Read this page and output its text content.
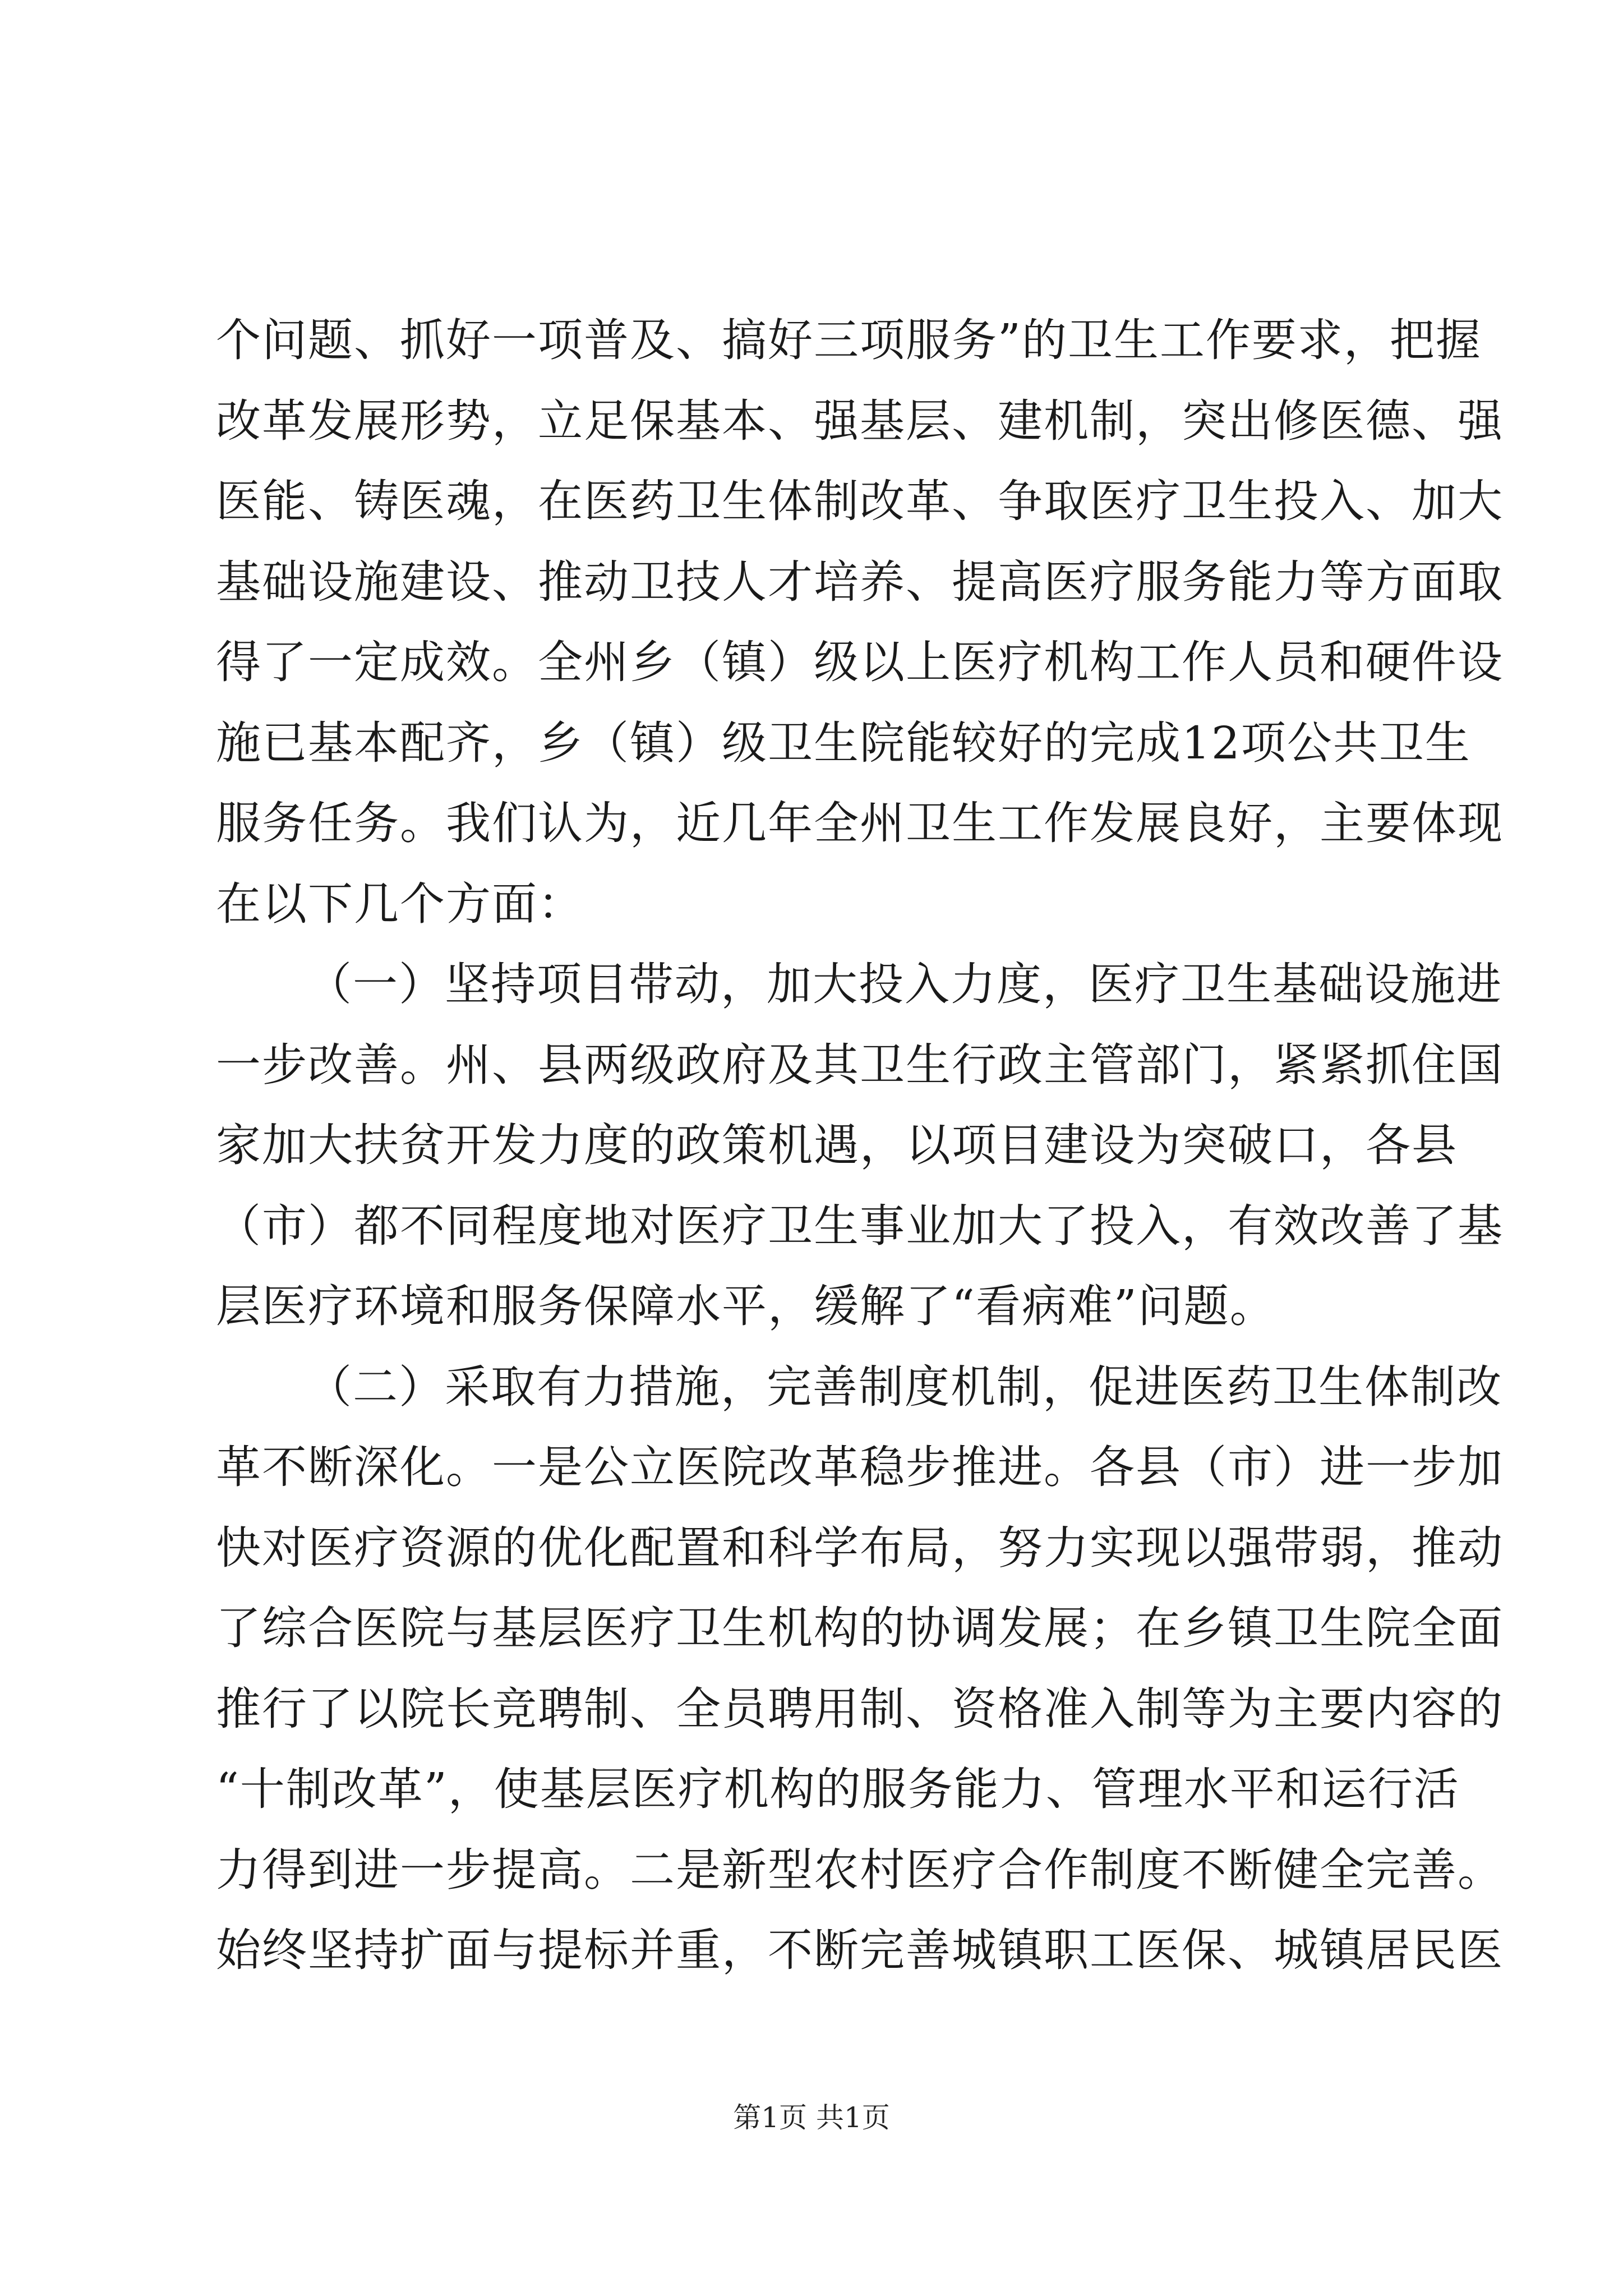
个问题、抓好一项普及、搞好三项服务”的卫生工作要求，把握
改革发展形势，立足保基本、强基层、建机制，突出修医德、强
医能、铸医魂，在医药卫生体制改革、争取医疗卫生投入、加大
基础设施建设、推动卫技人才培养、提高医疗服务能力等方面取
得了一定成效。全州乡（镇）级以上医疗机构工作人员和硬件设
施已基本配齐，乡（镇）级卫生院能较好的完成12项公共卫生
服务任务。我们认为，近几年全州卫生工作发展良好，主要体现
在以下几个方面：
（一）坚持项目带动，加大投入力度，医疗卫生基础设施进
一步改善。州、县两级政府及其卫生行政主管部门，紧紧抓住国
家加大扶贫开发力度的政策机遇，以项目建设为突破口，各县
（市）都不同程度地对医疗卫生事业加大了投入，有效改善了基
层医疗环境和服务保障水平，缓解了“看病难”问题。
（二）采取有力措施，完善制度机制，促进医药卫生体制改
革不断深化。一是公立医院改革稳步推进。各县（市）进一步加
快对医疗资源的优化配置和科学布局，努力实现以强带弱，推动
了综合医院与基层医疗卫生机构的协调发展；在乡镇卫生院全面
推行了以院长竞聘制、全员聘用制、资格准入制等为主要内容的
“十制改革”，使基层医疗机构的服务能力、管理水平和运行活
力得到进一步提高。二是新型农村医疗合作制度不断健全完善。
始终坚持扩面与提标并重，不断完善城镇职工医保、城镇居民医
第1页 共1页
